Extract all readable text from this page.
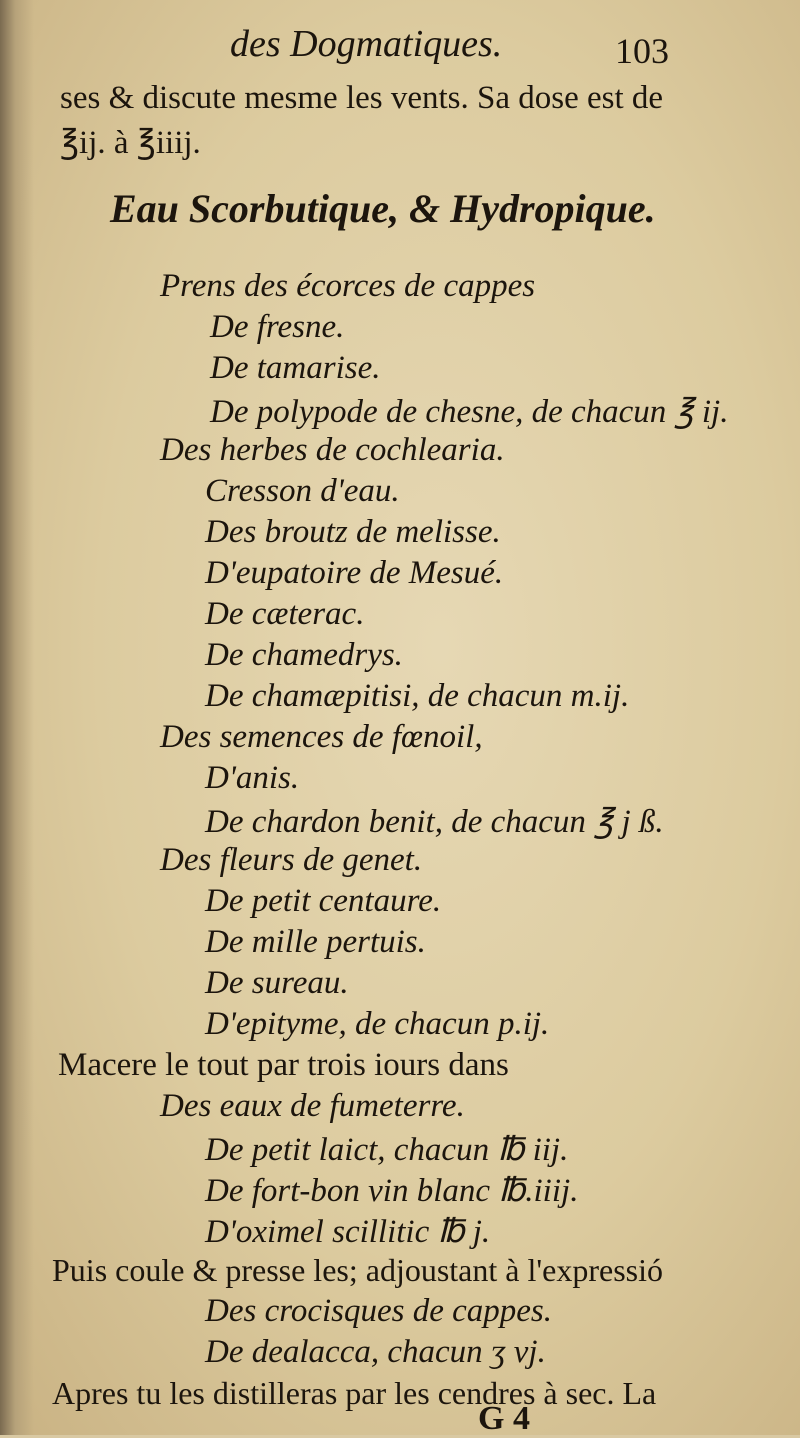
des Dogmatiques.	103
ses & discute mesme les vents. Sa dose est de
℥ij. à ℥iiij.
Eau Scorbutique, & Hydropique.
Prens des écorces de cappes
De fresne.
De tamarise.
De polypode de chesne, de chacun ℥ ij.
Des herbes de cochlearia.
Cresson d'eau.
Des broutz de melisse.
D'eupatoire de Mesué.
De cæterac.
De chamedrys.
De chamæpitisi, de chacun m.ij.
Des semences de fœnoil,
D'anis.
De chardon benit, de chacun ℥ j ß.
Des fleurs de genet.
De petit centaure.
De mille pertuis.
De sureau.
D'epityme, de chacun p.ij.
Macere le tout par trois iours dans
Des eaux de fumeterre.
De petit laict, chacun ℔ iij.
De fort-bon vin blanc ℔.iiij.
D'oximel scillitic ℔ j.
Puis coule & presse les; adjoustant à l'expressió
Des crocisques de cappes.
De dealacca, chacun ʒ vj.
Apres tu les distilleras par les cendres à sec. La
G 4
